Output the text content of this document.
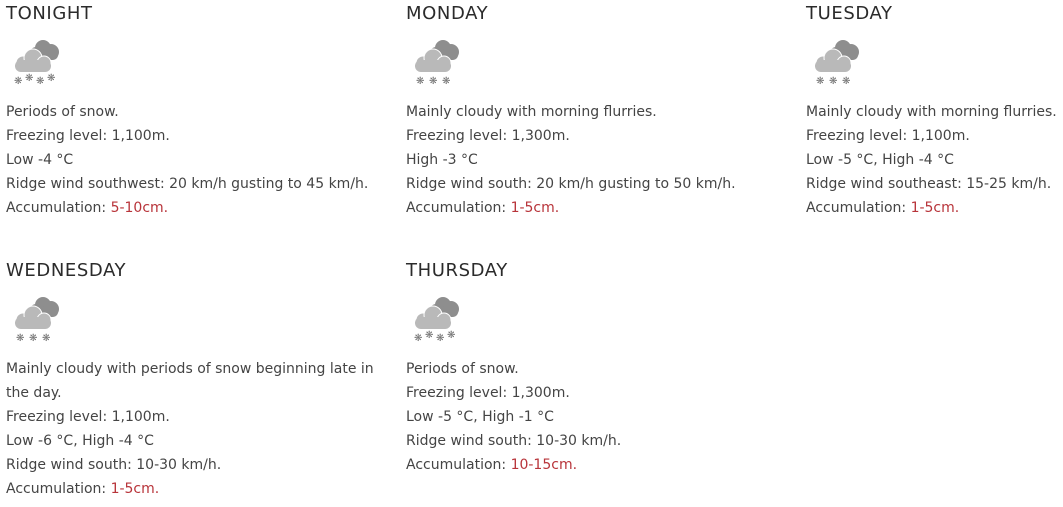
TONIGHT
❋ ❋ ❋ ❋
Periods of snow.
Freezing level: 1,100m.
Low -4 °C
Ridge wind southwest: 20 km/h gusting to 45 km/h.
Accumulation: 5-10cm.
MONDAY
❋ ❋ ❋
Mainly cloudy with morning flurries.
Freezing level: 1,300m.
High -3 °C
Ridge wind south: 20 km/h gusting to 50 km/h.
Accumulation: 1-5cm.
TUESDAY
❋ ❋ ❋
Mainly cloudy with morning flurries.
Freezing level: 1,100m.
Low -5 °C, High -4 °C
Ridge wind southeast: 15-25 km/h.
Accumulation: 1-5cm.
WEDNESDAY
❋ ❋ ❋
Mainly cloudy with periods of snow beginning late in the day.
Freezing level: 1,100m.
Low -6 °C, High -4 °C
Ridge wind south: 10-30 km/h.
Accumulation: 1-5cm.
THURSDAY
❋ ❋ ❋ ❋
Periods of snow.
Freezing level: 1,300m.
Low -5 °C, High -1 °C
Ridge wind south: 10-30 km/h.
Accumulation: 10-15cm.
